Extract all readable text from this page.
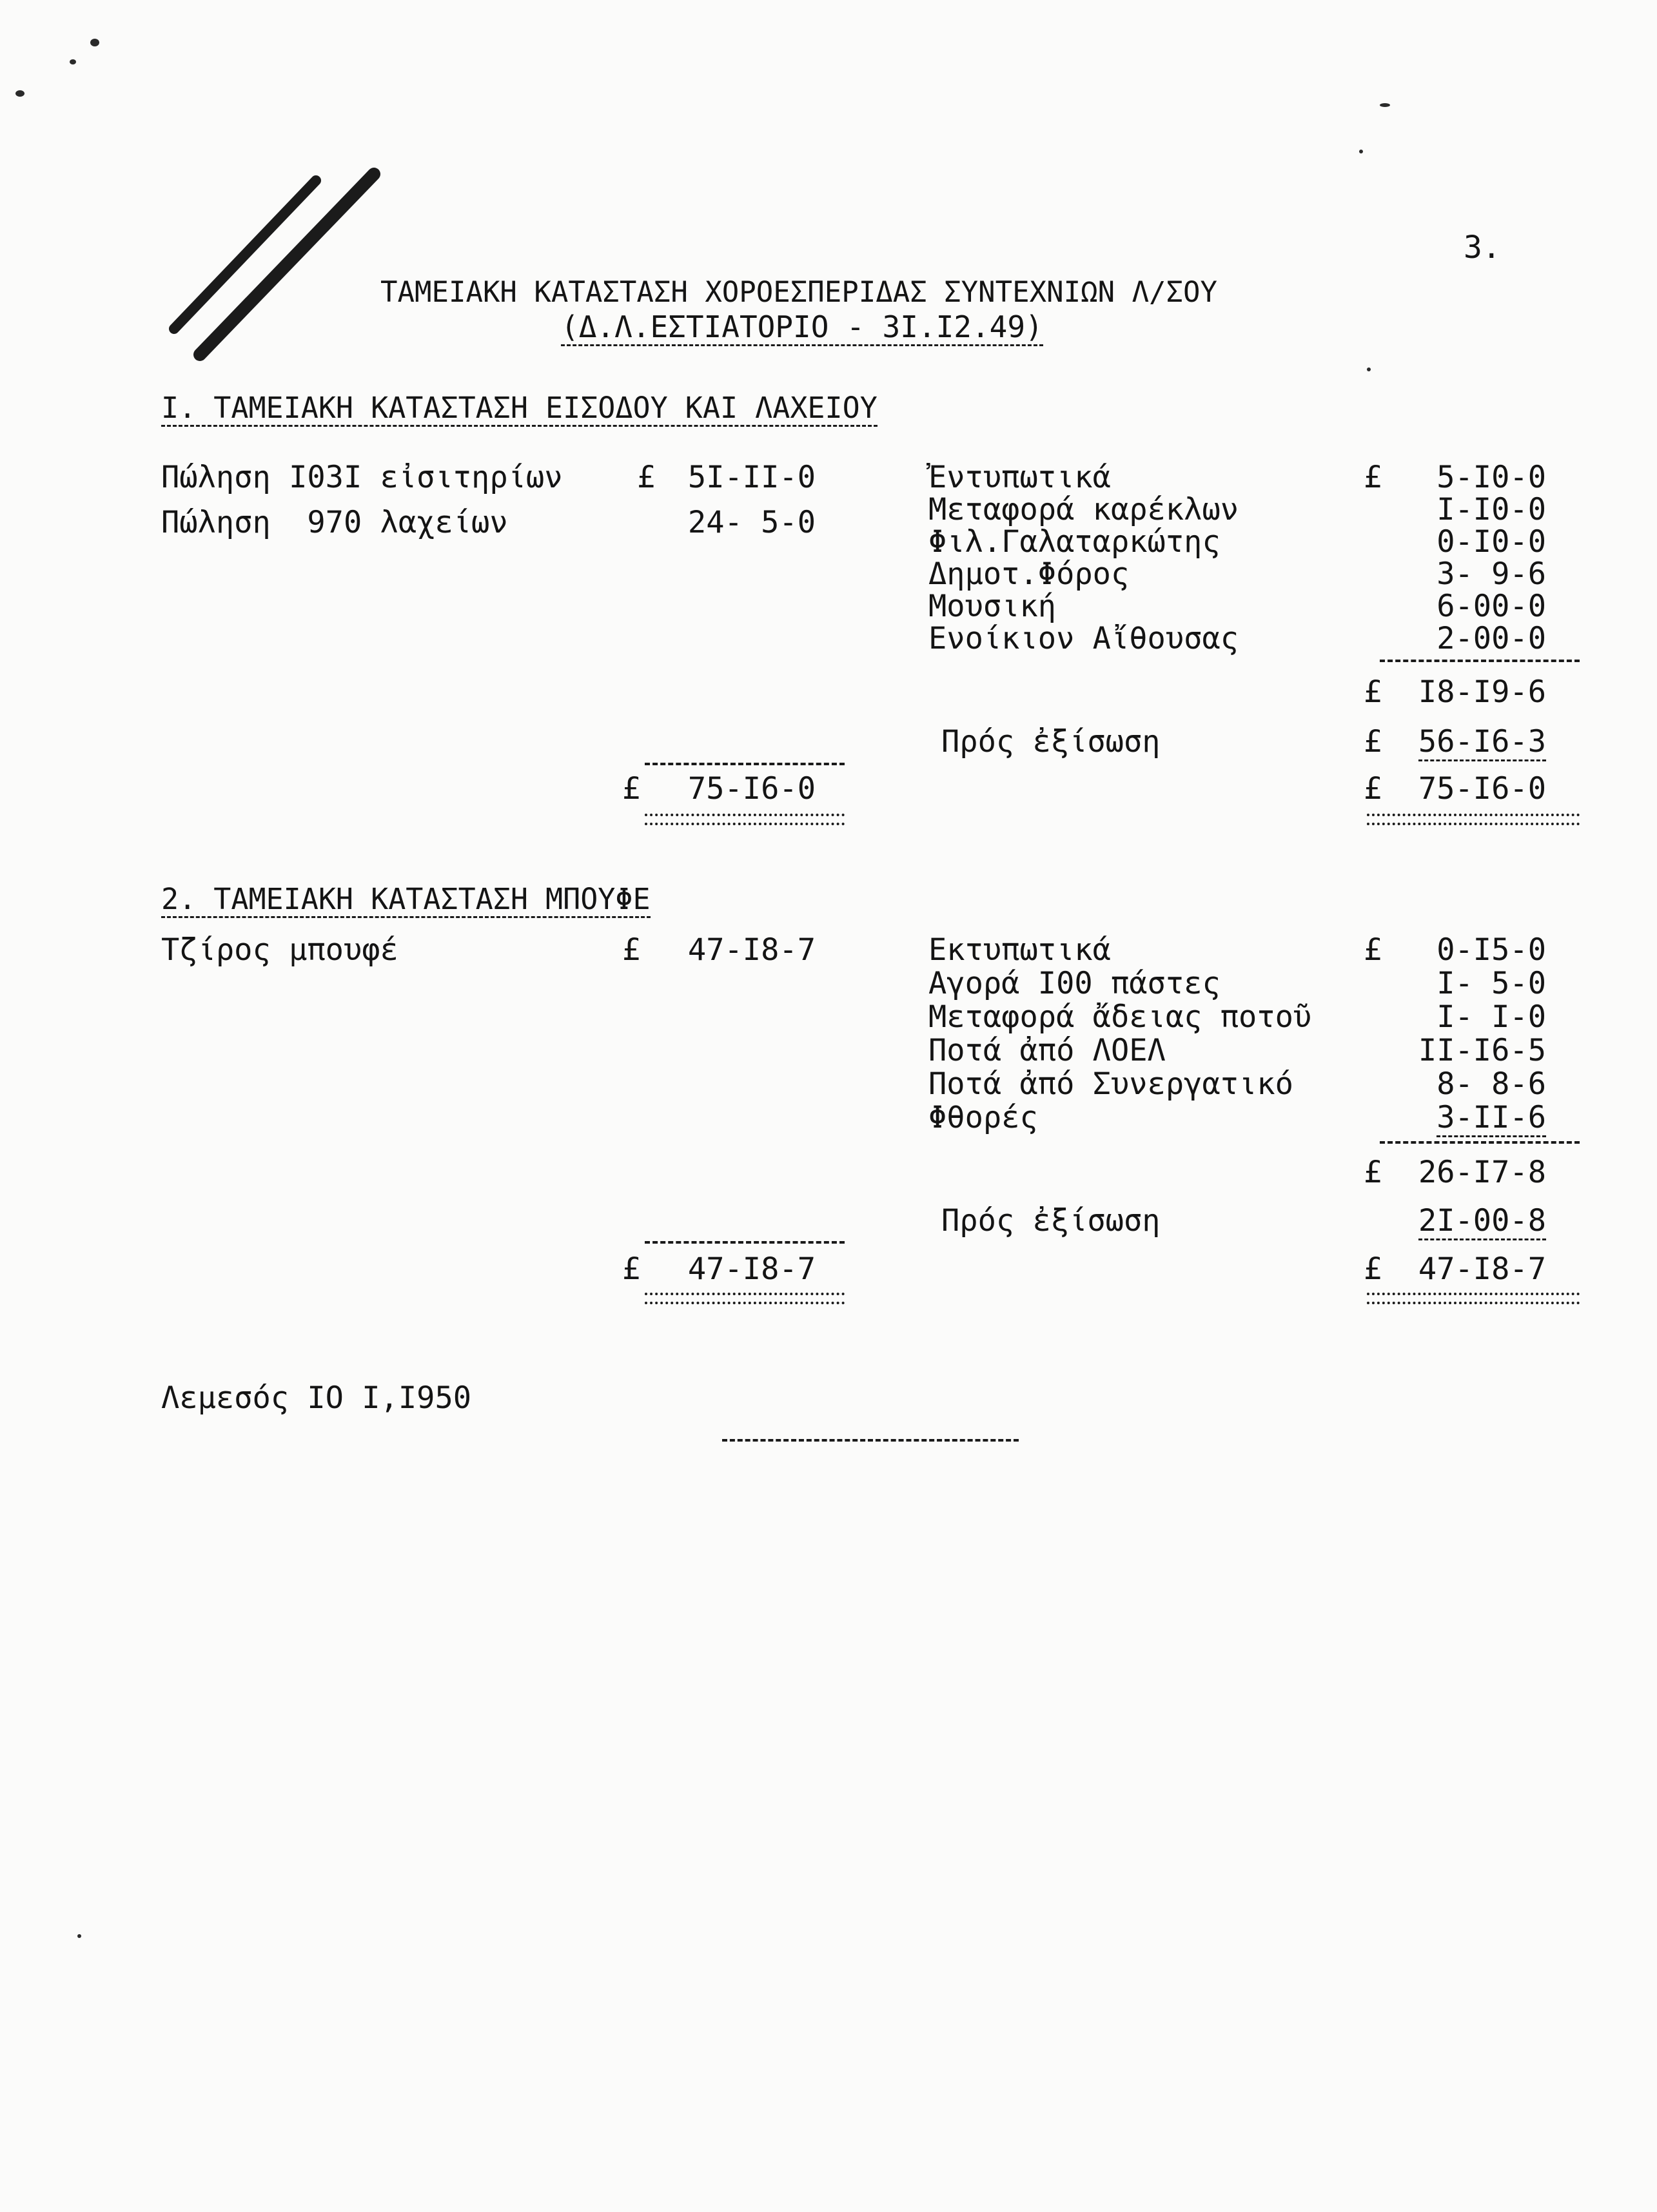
3.
ΤΑΜΕΙΑΚΗ ΚΑΤΑΣΤΑΣΗ ΧΟΡΟΕΣΠΕΡΙΔΑΣ ΣΥΝΤΕΧΝΙΩΝ Λ/ΣΟΥ
(Δ.Λ.ΕΣΤΙΑΤΟΡΙΟ - 3Ι.Ι2.49)
Ι. ΤΑΜΕΙΑΚΗ ΚΑΤΑΣΤΑΣΗ ΕΙΣΟΔΟΥ ΚΑΙ ΛΑΧΕΙΟΥ
Πώληση Ι03Ι εἰσιτηρίων £ 5Ι-ΙΙ-0
Πώληση  970 λαχείων	24- 5-0
Ἐντυπωτικά	£ 5-Ι0-0
Μεταφορά καρέκλων	Ι-Ι0-0
Φιλ.Γαλαταρκώτης	0-Ι0-0
Δημοτ.Φόρος	3- 9-6
Μουσική	6-00-0
Ενοίκιον Αἴθουσας	2-00-0
£ Ι8-Ι9-6
Πρός ἐξίσωση	£ 56-Ι6-3
£ 75-Ι6-0	£ 75-Ι6-0
2. ΤΑΜΕΙΑΚΗ ΚΑΤΑΣΤΑΣΗ ΜΠΟΥΦΕ
Τζίρος μπουφέ	£ 47-Ι8-7	Εκτυπωτικά	£ 0-Ι5-0
Αγορά Ι00 πάστες	Ι- 5-0
Μεταφορά ἄδειας ποτοῦ	Ι- Ι-0
Ποτά ἀπό ΛΟΕΛ	ΙΙ-Ι6-5
Ποτά ἀπό Συνεργατικό	8- 8-6
Φθορές	3-ΙΙ-6
£ 26-Ι7-8
Πρός ἐξίσωση	2Ι-00-8
£ 47-Ι8-7	£ 47-Ι8-7
Λεμεσός ΙΟ Ι,Ι950
